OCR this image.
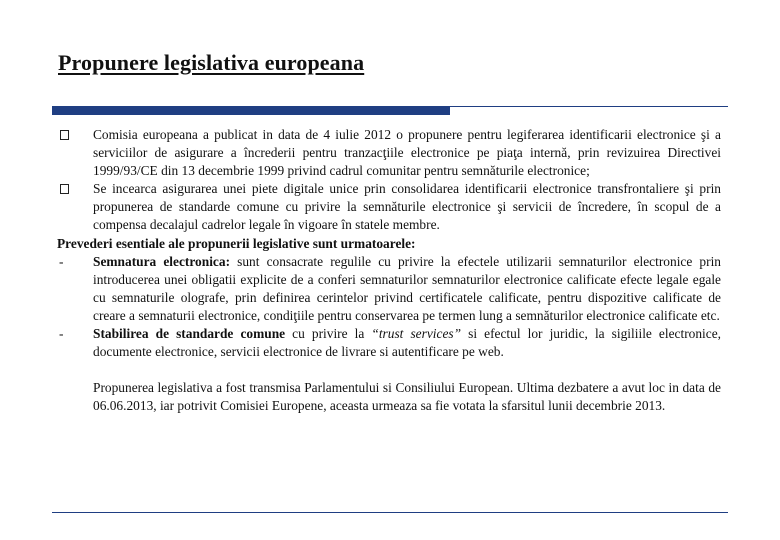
Propunere legislativa europeana
Comisia europeana a publicat in data de 4 iulie 2012 o propunere pentru legiferarea identificarii electronice şi a serviciilor de asigurare a încrederii pentru tranzacţiile electronice pe piaţa internă, prin revizuirea Directivei 1999/93/CE din 13 decembrie 1999 privind cadrul comunitar pentru semnăturile electronice;
Se incearca asigurarea unei piete digitale unice prin consolidarea identificarii electronice transfrontaliere şi prin propunerea de standarde comune cu privire la semnăturile electronice şi servicii de încredere, în scopul de a compensa decalajul cadrelor legale în vigoare în statele membre.
Prevederi esentiale ale propunerii legislative sunt urmatoarele:
- Semnatura electronica: sunt consacrate regulile cu privire la efectele utilizarii semnaturilor electronice prin introducerea unei obligatii explicite de a conferi semnaturilor semnaturilor electronice calificate efecte legale egale cu semnaturile olografe, prin definirea cerintelor privind certificatele calificate, pentru dispozitive calificate de creare a semnaturii electronice, condiţiile pentru conservarea pe termen lung a semnăturilor electronice calificate etc.
- Stabilirea de standarde comune cu privire la “trust services” si efectul lor juridic, la sigiliile electronice, documente electronice, servicii electronice de livrare si autentificare pe web.
Propunerea legislativa a fost transmisa Parlamentului si Consiliului European. Ultima dezbatere a avut loc in data de 06.06.2013, iar potrivit Comisiei Europene, aceasta urmeaza sa fie votata la sfarsitul lunii decembrie 2013.
